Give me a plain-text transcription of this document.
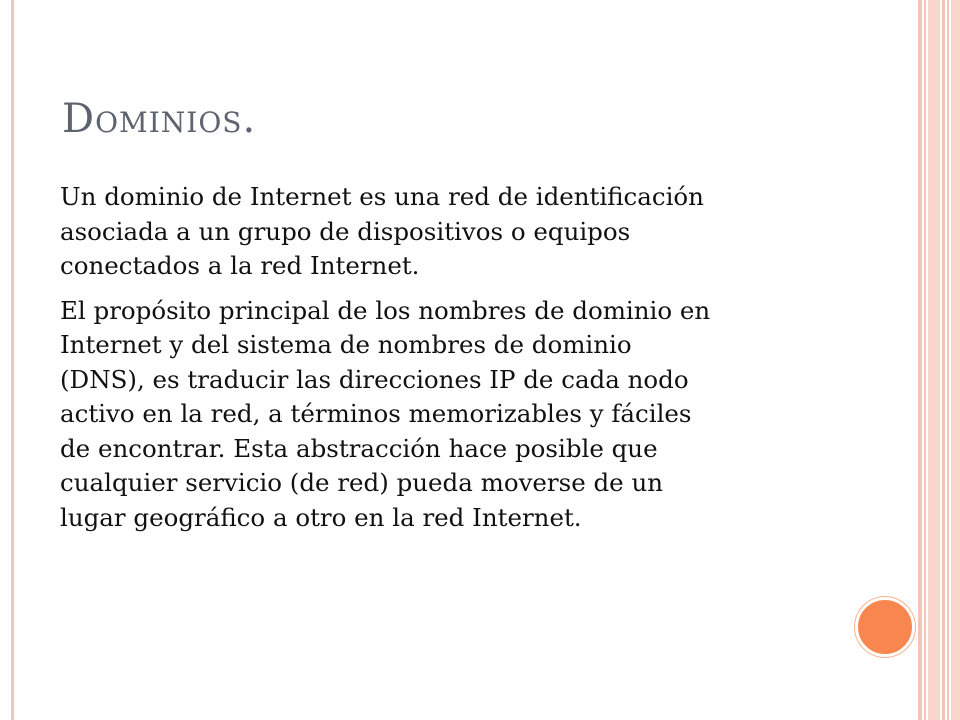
Dominios.

Un dominio de Internet es una red de identificación
asociada a un grupo de dispositivos o equipos
conectados a la red Internet.

El propósito principal de los nombres de dominio en
Internet y del sistema de nombres de dominio
(DNS), es traducir las direcciones IP de cada nodo
activo en la red, a términos memorizables y fáciles
de encontrar. Esta abstracción hace posible que
cualquier servicio (de red) pueda moverse de un
lugar geográfico a otro en la red Internet.
